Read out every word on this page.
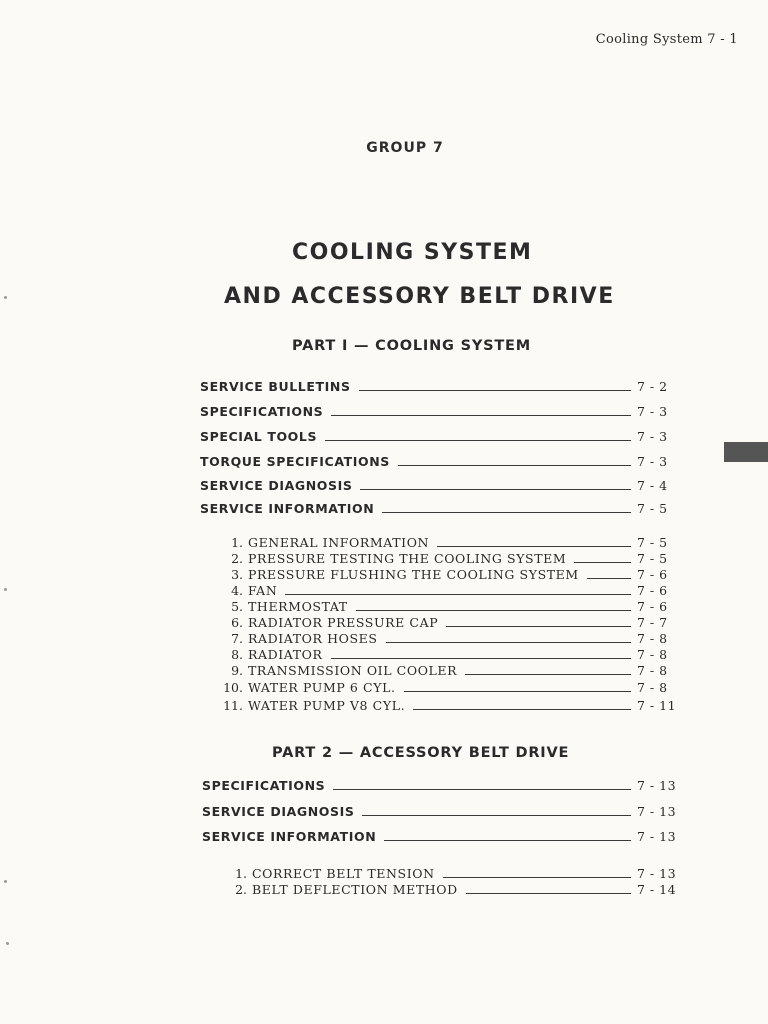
Cooling System 7 - 1
GROUP 7
COOLING SYSTEM
AND ACCESSORY BELT DRIVE
PART I — COOLING SYSTEM
SERVICE BULLETINS	7 - 2
SPECIFICATIONS	7 - 3
SPECIAL TOOLS	7 - 3
TORQUE SPECIFICATIONS	7 - 3
SERVICE DIAGNOSIS	7 - 4
SERVICE INFORMATION	7 - 5
1. GENERAL INFORMATION	7 - 5
2. PRESSURE TESTING THE COOLING SYSTEM	7 - 5
3. PRESSURE FLUSHING THE COOLING SYSTEM	7 - 6
4. FAN	7 - 6
5. THERMOSTAT	7 - 6
6. RADIATOR PRESSURE CAP	7 - 7
7. RADIATOR HOSES	7 - 8
8. RADIATOR	7 - 8
9. TRANSMISSION OIL COOLER	7 - 8
10. WATER PUMP 6 CYL.	7 - 8
11. WATER PUMP V8 CYL.	7 - 11
PART 2 — ACCESSORY BELT DRIVE
SPECIFICATIONS	7 - 13
SERVICE DIAGNOSIS	7 - 13
SERVICE INFORMATION	7 - 13
1. CORRECT BELT TENSION	7 - 13
2. BELT DEFLECTION METHOD	7 - 14
